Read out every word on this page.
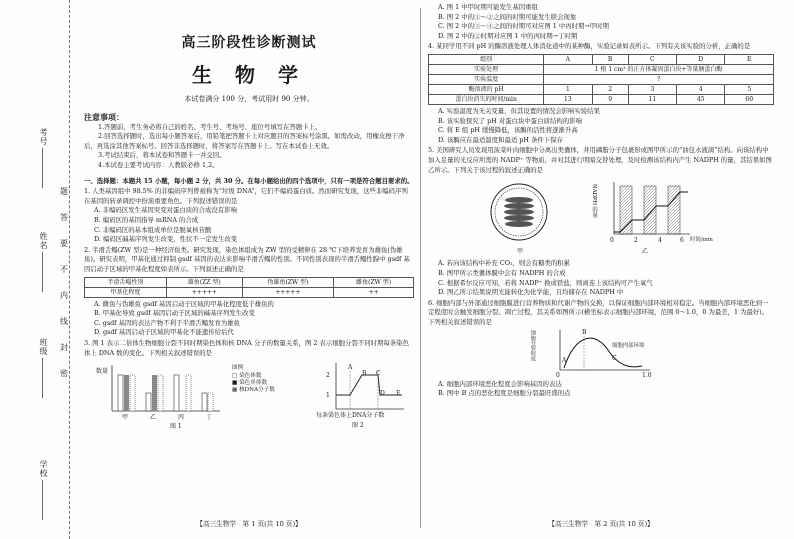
考号
姓名
班级
学校
题
答
要
不
内
线
封
密
高三阶段性诊断测试
生 物 学
本试卷满分 100 分，考试用时 90 分钟。
注意事项：

1.答题前，考生务必将自己的姓名、考生号、考场号、座位号填写在答题卡上。

2.回答选择题时，选出每小题答案后，用铅笔把答题卡上对应题目的答案标号涂黑。如需改动，用橡皮擦干净后，再选涂其他答案标号。回答非选择题时，将答案写在答题卡上。写在本试卷上无效。

3.考试结束后，将本试卷和答题卡一并交回。

4.本试卷主要考试内容：人教版必修 1,2。

一、选择题：本题共 15 小题，每小题 2 分，共 30 分。在每小题给出的四个选项中，只有一项是符合题目要求的。
1. 人类基因组中 98.5% 的非编码序列曾被称为“垃圾 DNA”，它们不编码蛋白质。然而研究发现，这些非编码序列在基因的转录调控中扮演重要角色。下列叙述错误的是
A. 非编码区发生基因突变对蛋白质的合成没有影响
B. 编码区的基因指导 mRNA 的合成
C. 非编码区的基本组成单位是脱氧核苷酸
D. 编码区碱基序列发生改变，性状不一定发生改变
2. 半滑舌鳎(ZW 型)是一种经济鱼类。研究发现，染色体组成为 ZW 型的受精卵在 28 ℃下培养发育为雄鱼(伪雄鱼)。研究表明，甲基化通过抑制 gsdf 基因的表达来影响半滑舌鳎的性别。不同性别表现的半滑舌鳎性腺中 gsdf 基因启动子区域的甲基化程度如表所示。下列叙述正确的是
半滑舌鳎性别	雄鱼(ZZ 型)	伪雄鱼(ZW 型)	雌鱼(ZW 型)
甲基化程度	+++++	+++++	++
A. 雌鱼与伪雄鱼 gsdf 基因启动子区域的甲基化程度低于雄鱼的
B. 甲基化导致 gsdf 基因启动子区域的碱基序列发生改变
C. gsdf 基因的表达产物不利于半滑舌鳎发育为雄鱼
D. gsdf 基因启动子区域的甲基化不能遗传给后代
3. 图 1 表示二倍体生物细胞分裂不同时期染色体和核 DNA 分子的数量关系，图 2 表示细胞分裂不同时期每条染色体上 DNA 数的变化。下列相关叙述错误的是
数量
甲	乙	丙	丁
图 1
图例
□ 染色体数
■ 染色单体数
▦ 核DNA分子数
2
1
A
B C
D E
每条染色体上DNA分子数
图 2
【高三生物学　第 1 页(共 10 页)】
A. 图 1 中甲时期可能发生基因重组
B. 图 2 中的①～②之间的时期可能发生联会现象
C. 图 2 中的③～④之间的时期可对应图 1 中丙时期→甲时期
D. 图 2 中的②时期对应图 1 中的丙时期→丁时期
4. 某同学用不同 pH 的酶溶液处理人体消化道中的某种酶，实验记录如表所示。下列有关该实验的分析，正确的是
组别	A	B	C	D	E
实验处理	1 根 1 cm³ 的正方体凝固蛋白块+等量胰蛋白酶				
实验温度	?				
酶溶液的 pH	1	2	3	4	5
蛋白块消失的时间/min	13	9	11	45	60
A. 实验温度为无关变量，但其设置的情况会影响实验结果
B. 该实验探究了 pH 对蛋白块中蛋白质结构的影响
C. 将 E 组 pH 缓慢降低，该酶的活性将逐渐升高
D. 该酶应在最适温度和最适 pH 条件下保存
5. 美国研究人员发现用菠菜叶肉细胞中分离出类囊体，并用磷脂分子包裹形成图甲所示的“油包水液滴”结构。向该结构中加入足量的光反应所需的 NADP⁺ 等物质，并对其进行明暗交替处理，及时检测该结构内产生 NADPH 的量，其结果如图乙所示。下列关于该过程的叙述正确的是
甲
NADPH 的量
0	2	4	6 时间/min
乙
A. 若向该结构中补充 CO₂，则会有糖类的积累
B. 图甲所示类囊体膜中会有 NADPH 的合成
C. 根据希尔反应可知，若将 NADP⁺ 换成铁盐，则离连上该结构可产生氧气
D. 图乙所示结果说明光能转化为化学能，且均储存在 NADPH 中
6. 细胞内部与外部通过细胞膜进行营养物质和代谢产物的交换，以保证细胞内部环境相对稳定。当细胞内部环境恶化到一定程度时会触发细胞分裂、凋亡过程，其关系如图所示(横坐标表示细胞内部环境，范围 0～1.0，0 为最差，1 为最好)。下列相关叙述错误的是
细胞分裂程度	细胞内部环境
A
B
C
0	1.0
A. 细胞内部环境恶化程度会影响基因的表达
B. 图中 B 点的恶化程度是细胞分裂最旺盛的点
【高三生物学　第 2 页(共 10 页)】
